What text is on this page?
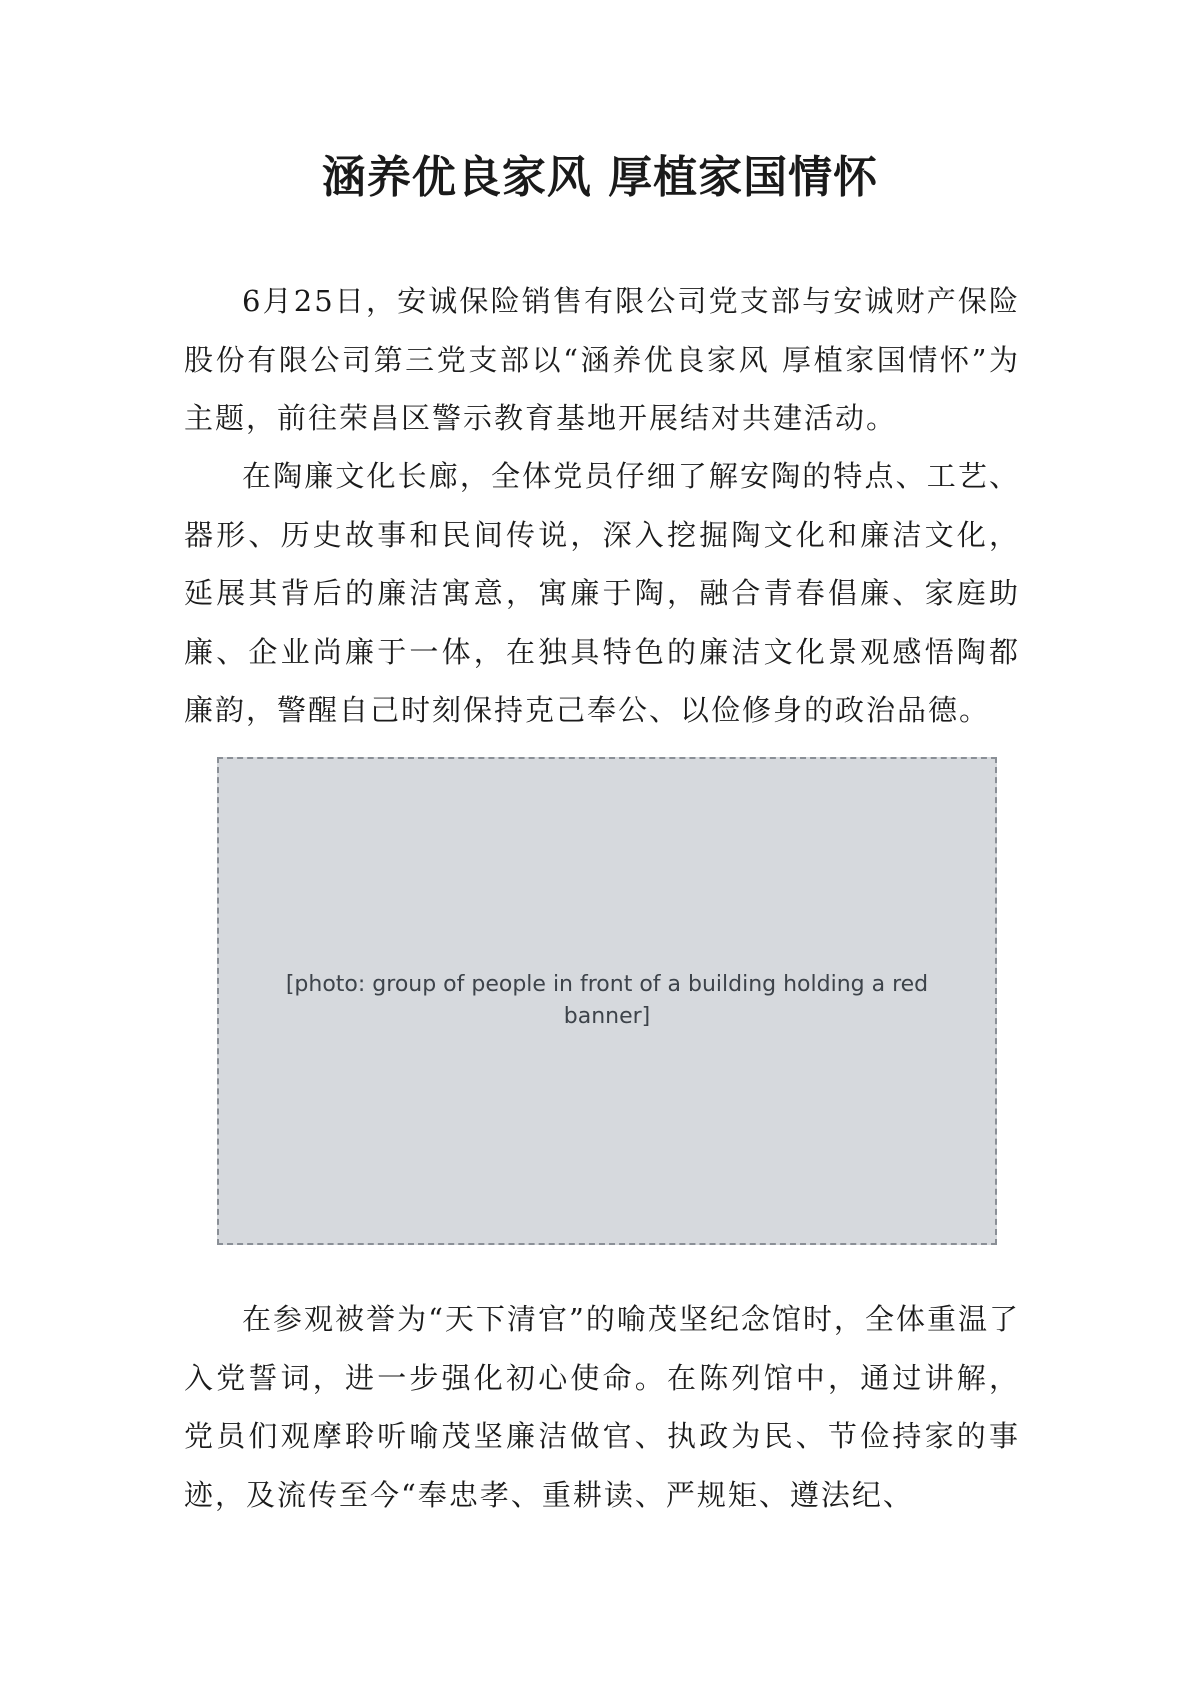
涵养优良家风 厚植家国情怀

6月25日，安诚保险销售有限公司党支部与安诚财产保险股份有限公司第三党支部以“涵养优良家风 厚植家国情怀”为主题，前往荣昌区警示教育基地开展结对共建活动。

在陶廉文化长廊，全体党员仔细了解安陶的特点、工艺、器形、历史故事和民间传说，深入挖掘陶文化和廉洁文化，延展其背后的廉洁寓意，寓廉于陶，融合青春倡廉、家庭助廉、企业尚廉于一体，在独具特色的廉洁文化景观感悟陶都廉韵，警醒自己时刻保持克己奉公、以俭修身的政治品德。

[photo: group of people in front of a building holding a red banner]

在参观被誉为“天下清官”的喻茂坚纪念馆时，全体重温了入党誓词，进一步强化初心使命。在陈列馆中，通过讲解，党员们观摩聆听喻茂坚廉洁做官、执政为民、节俭持家的事迹，及流传至今“奉忠孝、重耕读、严规矩、遵法纪、
